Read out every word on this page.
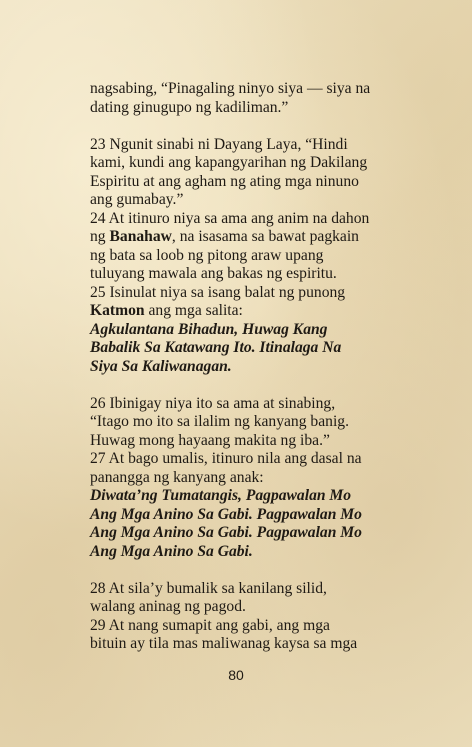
nagsabing, “Pinagaling ninyo siya — siya na
dating ginugupo ng kadiliman.”
23 Ngunit sinabi ni Dayang Laya, “Hindi
kami, kundi ang kapangyarihan ng Dakilang
Espiritu at ang agham ng ating mga ninuno
ang gumabay.”
24 At itinuro niya sa ama ang anim na dahon
ng Banahaw, na isasama sa bawat pagkain
ng bata sa loob ng pitong araw upang
tuluyang mawala ang bakas ng espiritu.
25 Isinulat niya sa isang balat ng punong
Katmon ang mga salita:
Agkulantana Bihadun, Huwag Kang
Babalik Sa Katawang Ito. Itinalaga Na
Siya Sa Kaliwanagan.
26 Ibinigay niya ito sa ama at sinabing,
“Itago mo ito sa ilalim ng kanyang banig.
Huwag mong hayaang makita ng iba.”
27 At bago umalis, itinuro nila ang dasal na
panangga ng kanyang anak:
Diwata’ng Tumatangis, Pagpawalan Mo
Ang Mga Anino Sa Gabi. Pagpawalan Mo
Ang Mga Anino Sa Gabi. Pagpawalan Mo
Ang Mga Anino Sa Gabi.
28 At sila’y bumalik sa kanilang silid,
walang aninag ng pagod.
29 At nang sumapit ang gabi, ang mga
bituin ay tila mas maliwanag kaysa sa mga
80
